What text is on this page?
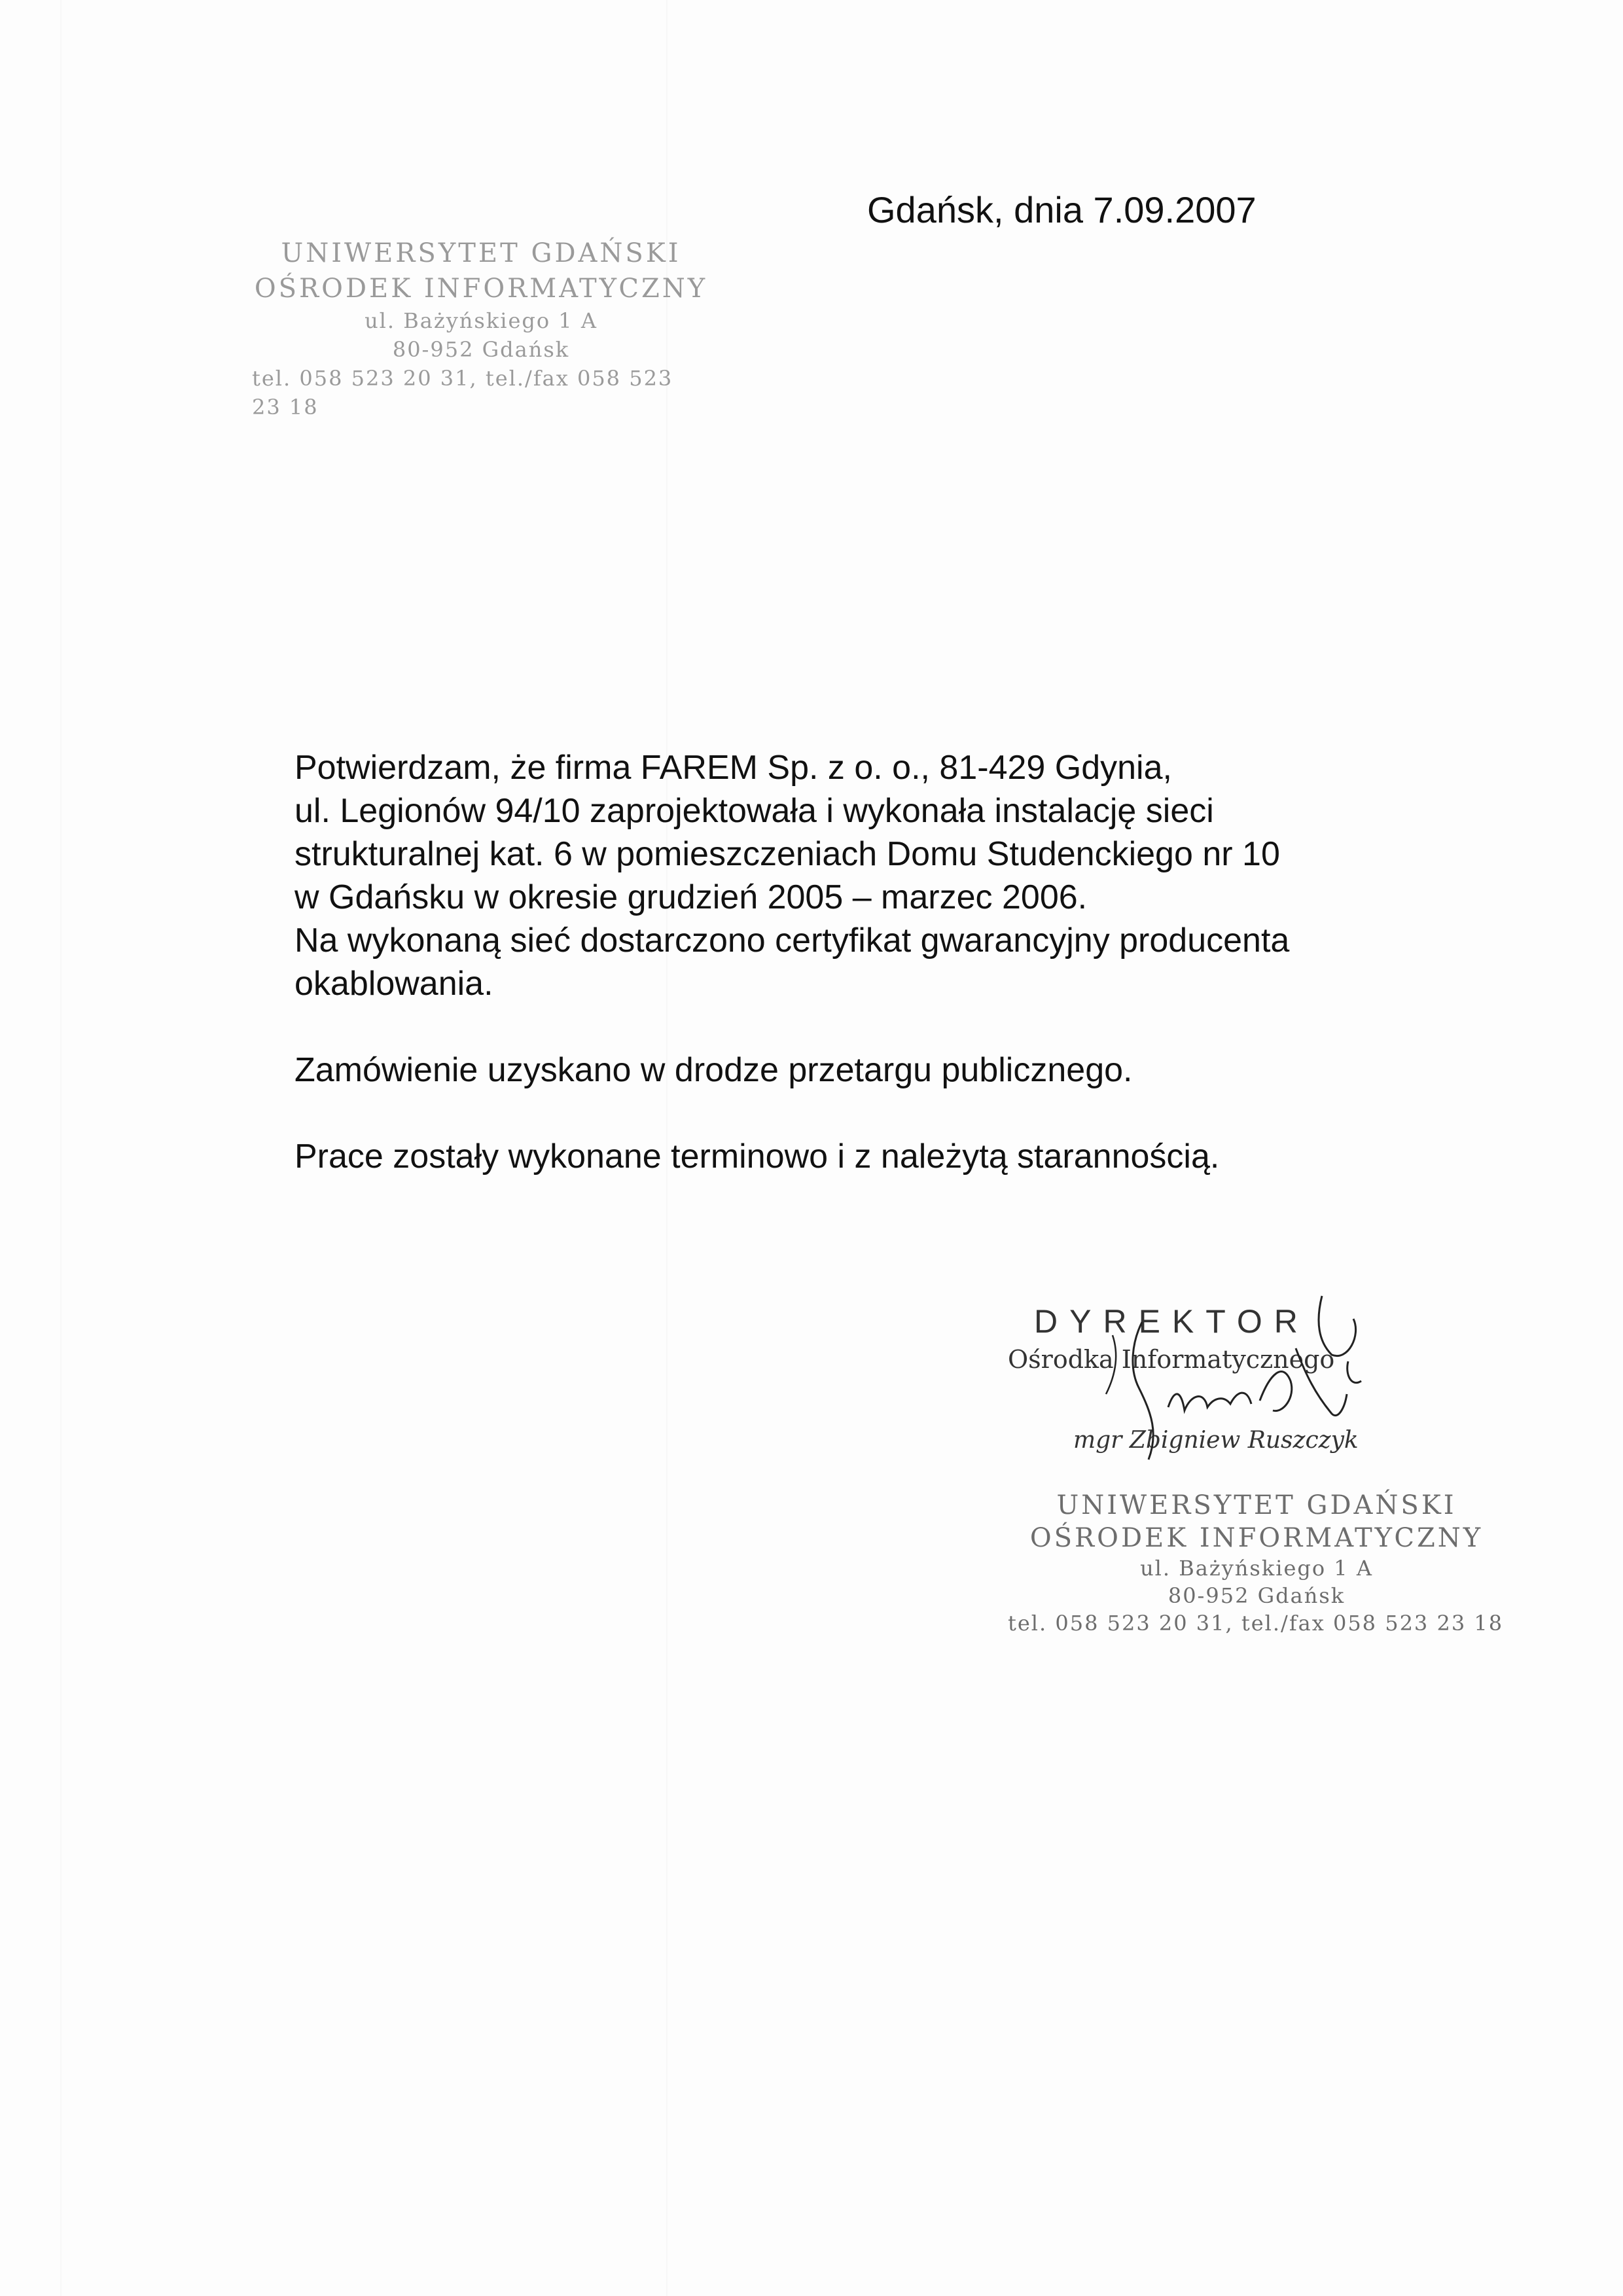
UNIWERSYTET GDAŃSKI
OŚRODEK INFORMATYCZNY
ul. Bażyńskiego 1 A
80-952 Gdańsk
tel. 058 523 20 31, tel./fax 058 523 23 18
Gdańsk, dnia 7.09.2007

Potwierdzam, że firma FAREM Sp. z o. o., 81-429 Gdynia,

ul. Legionów 94/10 zaprojektowała i wykonała instalację sieci

strukturalnej kat. 6 w pomieszczeniach Domu Studenckiego nr 10

w Gdańsku w okresie grudzień 2005 – marzec 2006.

Na wykonaną sieć dostarczono certyfikat gwarancyjny producenta

okablowania.

Zamówienie uzyskano w drodze przetargu publicznego.

Prace zostały wykonane terminowo i z należytą starannością.

DYREKTOR
Ośrodka Informatycznego
mgr Zbigniew Ruszczyk
UNIWERSYTET GDAŃSKI
OŚRODEK INFORMATYCZNY
ul. Bażyńskiego 1 A
80-952 Gdańsk
tel. 058 523 20 31, tel./fax 058 523 23 18
